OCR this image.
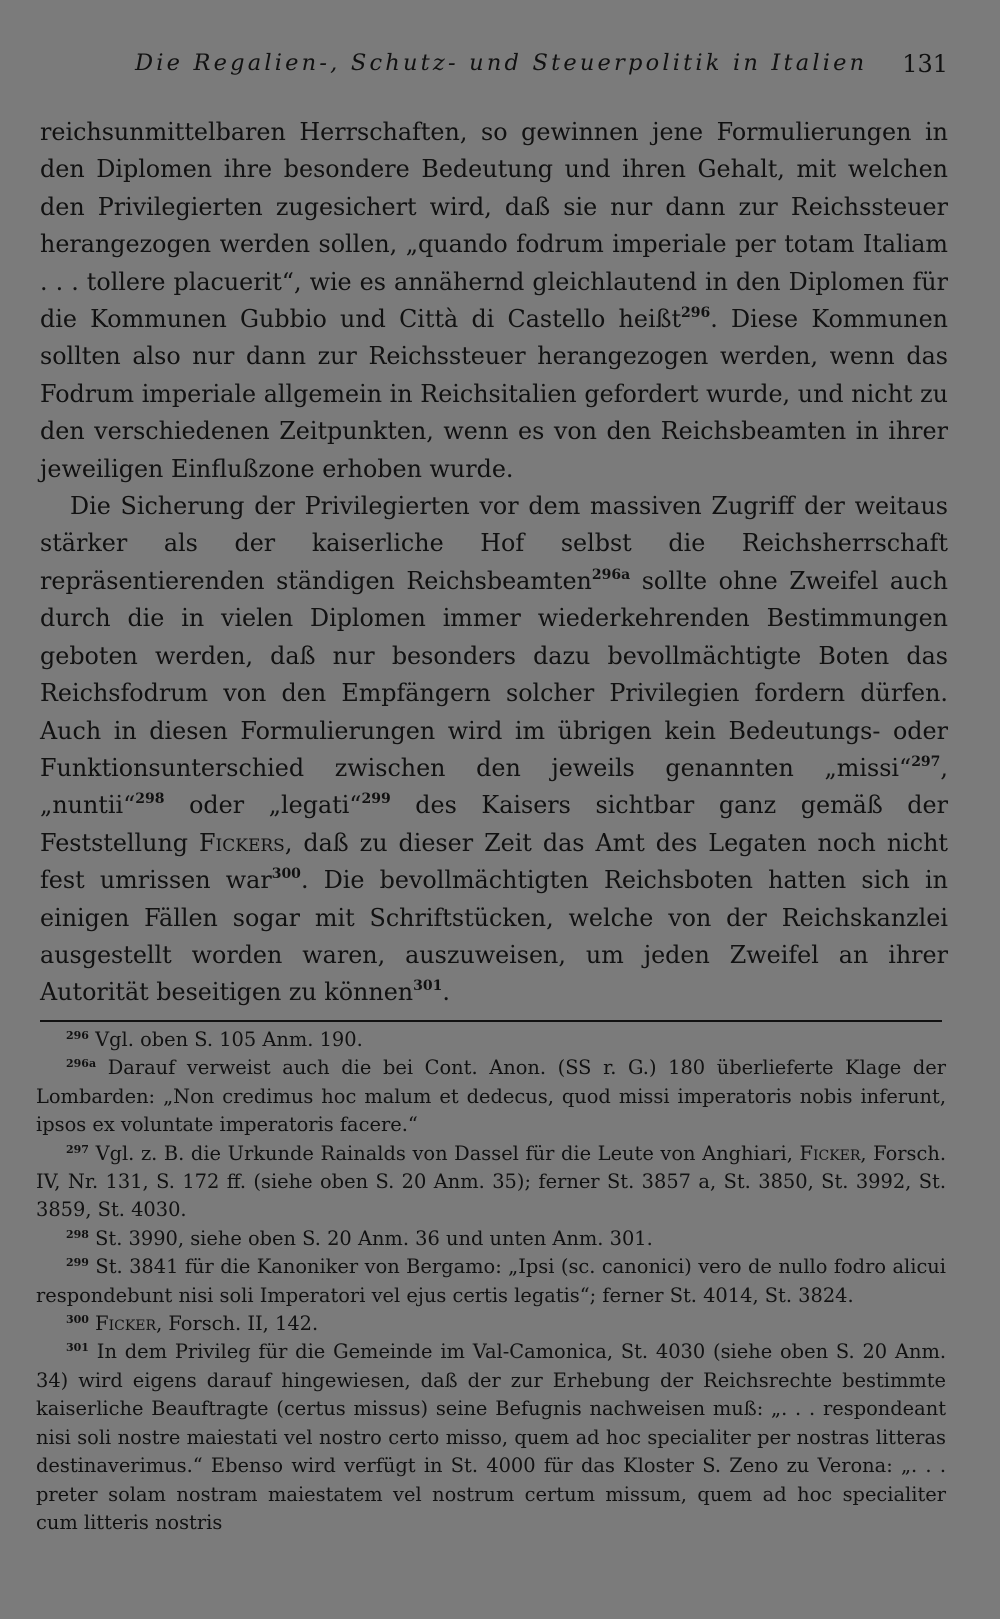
Die Regalien-, Schutz- und Steuerpolitik in Italien 131

reichsunmittelbaren Herrschaften, so gewinnen jene Formulierungen in den Diplomen ihre besondere Bedeutung und ihren Gehalt, mit welchen den Privilegierten zugesichert wird, daß sie nur dann zur Reichssteuer herangezogen werden sollen, „quando fodrum imperiale per totam Italiam . . . tollere placuerit“, wie es annähernd gleichlautend in den Diplomen für die Kommunen Gubbio und Città di Castello heißt$^{296}$. Diese Kommunen sollten also nur dann zur Reichssteuer herangezogen werden, wenn das Fodrum imperiale allgemein in Reichsitalien gefordert wurde, und nicht zu den verschiedenen Zeitpunkten, wenn es von den Reichsbeamten in ihrer jeweiligen Einflußzone erhoben wurde.

Die Sicherung der Privilegierten vor dem massiven Zugriff der weitaus stärker als der kaiserliche Hof selbst die Reichsherrschaft repräsentierenden ständigen Reichsbeamten$^{296a}$ sollte ohne Zweifel auch durch die in vielen Diplomen immer wiederkehrenden Bestimmungen geboten werden, daß nur besonders dazu bevollmächtigte Boten das Reichsfodrum von den Empfängern solcher Privilegien fordern dürfen. Auch in diesen Formulierungen wird im übrigen kein Bedeutungs- oder Funktionsunterschied zwischen den jeweils genannten „missi“$^{297}$, „nuntii“$^{298}$ oder „legati“$^{299}$ des Kaisers sichtbar ganz gemäß der Feststellung Fickers, daß zu dieser Zeit das Amt des Legaten noch nicht fest umrissen war$^{300}$. Die bevollmächtigten Reichsboten hatten sich in einigen Fällen sogar mit Schriftstücken, welche von der Reichskanzlei ausgestellt worden waren, auszuweisen, um jeden Zweifel an ihrer Autorität beseitigen zu können$^{301}$.

$^{296}$ Vgl. oben S. 105 Anm. 190.

$^{296a}$ Darauf verweist auch die bei Cont. Anon. (SS r. G.) 180 überlieferte Klage der Lombarden: „Non credimus hoc malum et dedecus, quod missi imperatoris nobis inferunt, ipsos ex voluntate imperatoris facere.“

$^{297}$ Vgl. z. B. die Urkunde Rainalds von Dassel für die Leute von Anghiari, Ficker, Forsch. IV, Nr. 131, S. 172 ff. (siehe oben S. 20 Anm. 35); ferner St. 3857 a, St. 3850, St. 3992, St. 3859, St. 4030.

$^{298}$ St. 3990, siehe oben S. 20 Anm. 36 und unten Anm. 301.

$^{299}$ St. 3841 für die Kanoniker von Bergamo: „Ipsi (sc. canonici) vero de nullo fodro alicui respondebunt nisi soli Imperatori vel ejus certis legatis“; ferner St. 4014, St. 3824.

$^{300}$ Ficker, Forsch. II, 142.

$^{301}$ In dem Privileg für die Gemeinde im Val-Camonica, St. 4030 (siehe oben S. 20 Anm. 34) wird eigens darauf hingewiesen, daß der zur Erhebung der Reichsrechte bestimmte kaiserliche Beauftragte (certus missus) seine Befugnis nachweisen muß: „. . . respondeant nisi soli nostre maiestati vel nostro certo misso, quem ad hoc specialiter per nostras litteras destinaverimus.“ Ebenso wird verfügt in St. 4000 für das Kloster S. Zeno zu Verona: „. . . preter solam nostram maiestatem vel nostrum certum missum, quem ad hoc specialiter cum litteris nostris
